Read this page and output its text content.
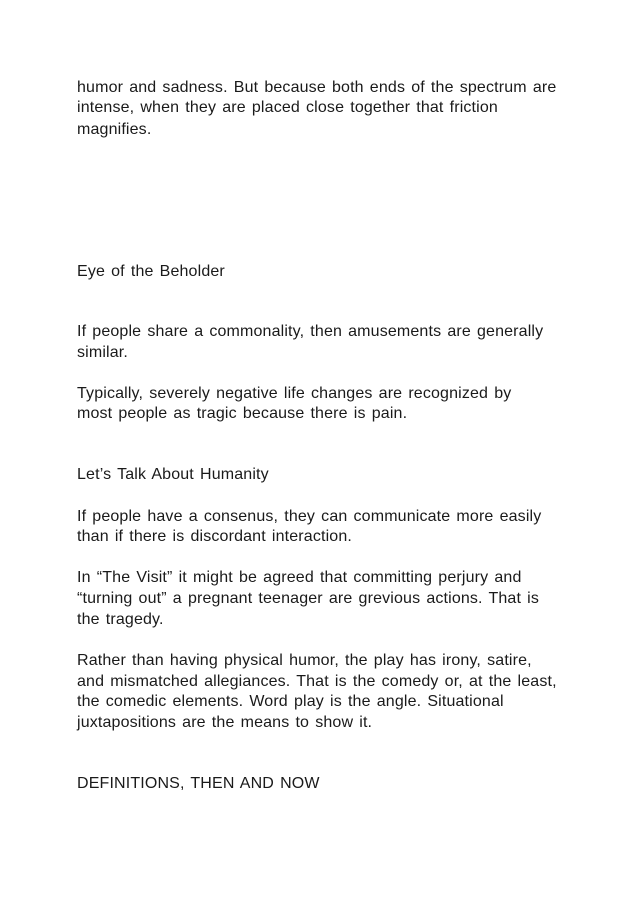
humor and sadness. But because both ends of the spectrum are

intense, when they are placed close together that friction

magnifies.

Eye of the Beholder

If people share a commonality, then amusements are generally

similar.

Typically, severely negative life changes are recognized by

most people as tragic because there is pain.

Let’s Talk About Humanity

If people have a consenus, they can communicate more easily

than if there is discordant interaction.

In “The Visit” it might be agreed that committing perjury and

“turning out” a pregnant teenager are grevious actions. That is

the tragedy.

Rather than having physical humor, the play has irony, satire,

and mismatched allegiances. That is the comedy or, at the least,

the comedic elements. Word play is the angle. Situational

juxtapositions are the means to show it.

DEFINITIONS, THEN AND NOW
